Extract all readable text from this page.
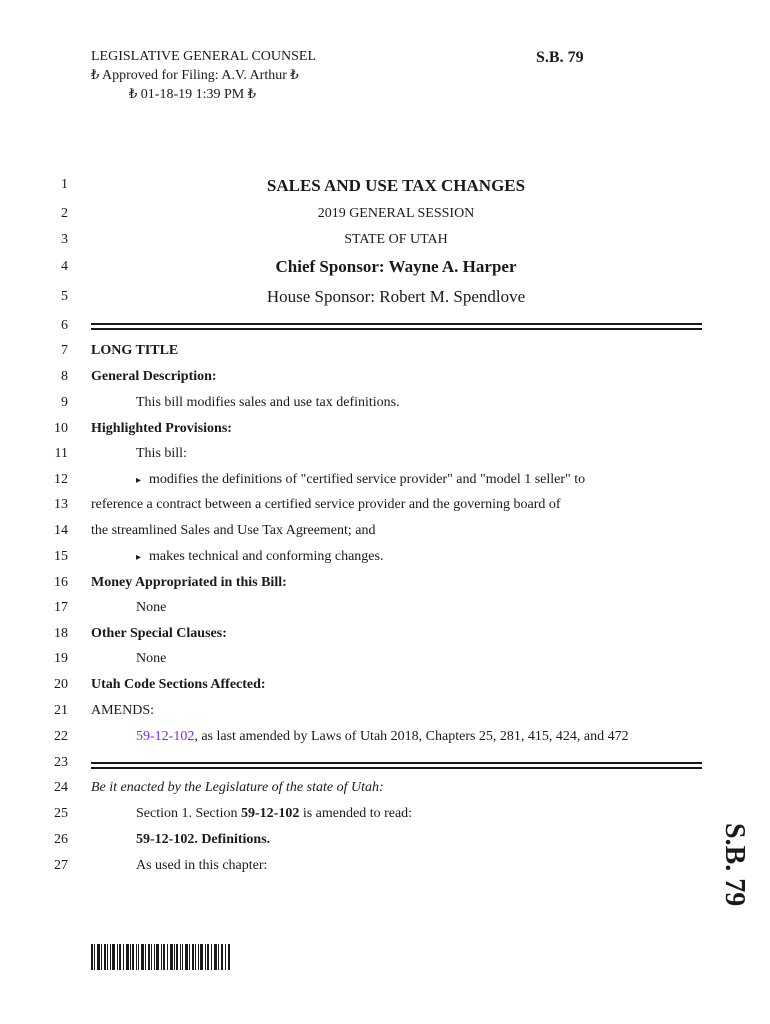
LEGISLATIVE GENERAL COUNSEL
₺ Approved for Filing: A.V. Arthur ₺
₺ 01-18-19 1:39 PM ₺
S.B. 79
1
2
3
4
5
6
7
8
9
10
11
12
13
14
15
16
17
18
19
20
21
22
23
24
25
26
27
SALES AND USE TAX CHANGES
2019 GENERAL SESSION
STATE OF UTAH
Chief Sponsor: Wayne A. Harper
House Sponsor: Robert M. Spendlove
LONG TITLE
General Description:
This bill modifies sales and use tax definitions.
Highlighted Provisions:
This bill:
▸ modifies the definitions of "certified service provider" and "model 1 seller" to
reference a contract between a certified service provider and the governing board of
the streamlined Sales and Use Tax Agreement; and
▸ makes technical and conforming changes.
Money Appropriated in this Bill:
None
Other Special Clauses:
None
Utah Code Sections Affected:
AMENDS:
59-12-102, as last amended by Laws of Utah 2018, Chapters 25, 281, 415, 424, and 472
Be it enacted by the Legislature of the state of Utah:
Section 1. Section 59-12-102 is amended to read:
59-12-102. Definitions.
As used in this chapter:	S.B. 79
